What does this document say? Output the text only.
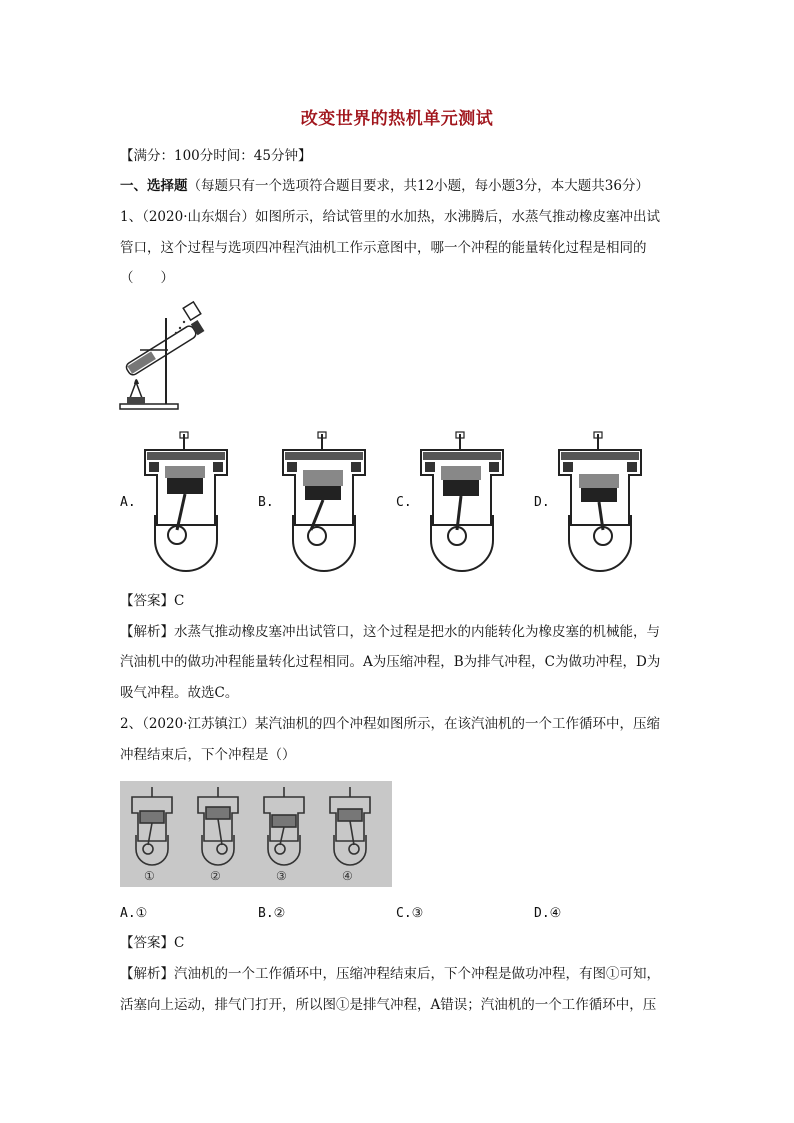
改变世界的热机单元测试
【满分：100分时间：45分钟】
一、选择题（每题只有一个选项符合题目要求，共12小题，每小题3分，本大题共36分）
1、（2020·山东烟台）如图所示，给试管里的水加热，水沸腾后，水蒸气推动橡皮塞冲出试
管口，这个过程与选项四冲程汽油机工作示意图中，哪一个冲程的能量转化过程是相同的
（　　）
A.	B.	C.	D.
【答案】C
【解析】水蒸气推动橡皮塞冲出试管口，这个过程是把水的内能转化为橡皮塞的机械能，与
汽油机中的做功冲程能量转化过程相同。A为压缩冲程，B为排气冲程，C为做功冲程，D为
吸气冲程。故选C。
2、（2020·江苏镇江）某汽油机的四个冲程如图所示，在该汽油机的一个工作循环中，压缩
冲程结束后，下个冲程是（）
①	②	③	④
A.①	B.②	C.③	D.④
【答案】C
【解析】汽油机的一个工作循环中，压缩冲程结束后，下个冲程是做功冲程，有图①可知，
活塞向上运动，排气门打开，所以图①是排气冲程，A错误；汽油机的一个工作循环中，压
